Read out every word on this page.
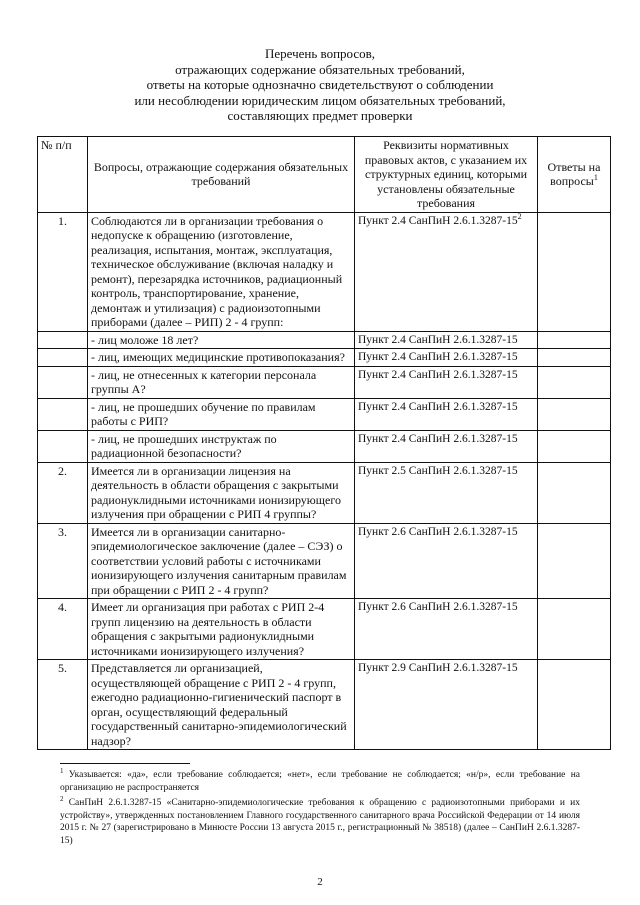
Перечень вопросов,
отражающих содержание обязательных требований,
ответы на которые однозначно свидетельствуют о соблюдении
или несоблюдении юридическим лицом обязательных требований,
составляющих предмет проверки
№ п/п	Вопросы, отражающие содержания обязательных требований	Реквизиты нормативных правовых актов, с указанием их структурных единиц, которыми установлены обязательные требования	Ответы на вопросы$^1$
1.	Соблюдаются ли в организации требования о недопуске к обращению (изготовление, реализация, испытания, монтаж, эксплуатация, техническое обслуживание (включая наладку и ремонт), перезарядка источников, радиационный контроль, транспортирование, хранение, демонтаж и утилизация) с радиоизотопными приборами (далее – РИП) 2 - 4 групп:	Пункт 2.4 СанПиН $2.6.1.3287-15^2$	
	- лиц моложе 18 лет?	Пункт 2.4 СанПиН 2.6.1.3287-15	
	- лиц, имеющих медицинские противопоказания?	Пункт 2.4 СанПиН 2.6.1.3287-15	
	- лиц, не отнесенных к категории персонала группы А?	Пункт 2.4 СанПиН 2.6.1.3287-15	
	- лиц, не прошедших обучение по правилам работы с РИП?	Пункт 2.4 СанПиН 2.6.1.3287-15	
	- лиц, не прошедших инструктаж по радиационной безопасности?	Пункт 2.4 СанПиН 2.6.1.3287-15	
2.	Имеется ли в организации лицензия на деятельность в области обращения с закрытыми радионуклидными источниками ионизирующего излучения при обращении с РИП 4 группы?	Пункт 2.5 СанПиН 2.6.1.3287-15	
3.	Имеется ли в организации санитарно-эпидемиологическое заключение (далее – СЭЗ) о соответствии условий работы с источниками ионизирующего излучения санитарным правилам при обращении с РИП 2 - 4 групп?	Пункт 2.6 СанПиН 2.6.1.3287-15	
4.	Имеет ли организация при работах с РИП 2-4 групп лицензию на деятельность в области обращения с закрытыми радионуклидными источниками ионизирующего излучения?	Пункт 2.6 СанПиН 2.6.1.3287-15	
5.	Представляется ли организацией, осуществляющей обращение с РИП 2 - 4 групп, ежегодно радиационно-гигиенический паспорт в орган, осуществляющий федеральный государственный санитарно-эпидемиологический надзор?	Пункт 2.9 СанПиН 2.6.1.3287-15	
$^1$ Указывается: «да», если требование соблюдается; «нет», если требование не соблюдается; «н/р», если требование на организацию не распространяется
$^2$ СанПиН 2.6.1.3287-15 «Санитарно-эпидемиологические требования к обращению с радиоизотопными приборами и их устройству», утвержденных постановлением Главного государственного санитарного врача Российской Федерации от 14 июля 2015 г. № 27 (зарегистрировано в Минюсте России 13 августа 2015 г., регистрационный № 38518) (далее – СанПиН 2.6.1.3287-15)
2
